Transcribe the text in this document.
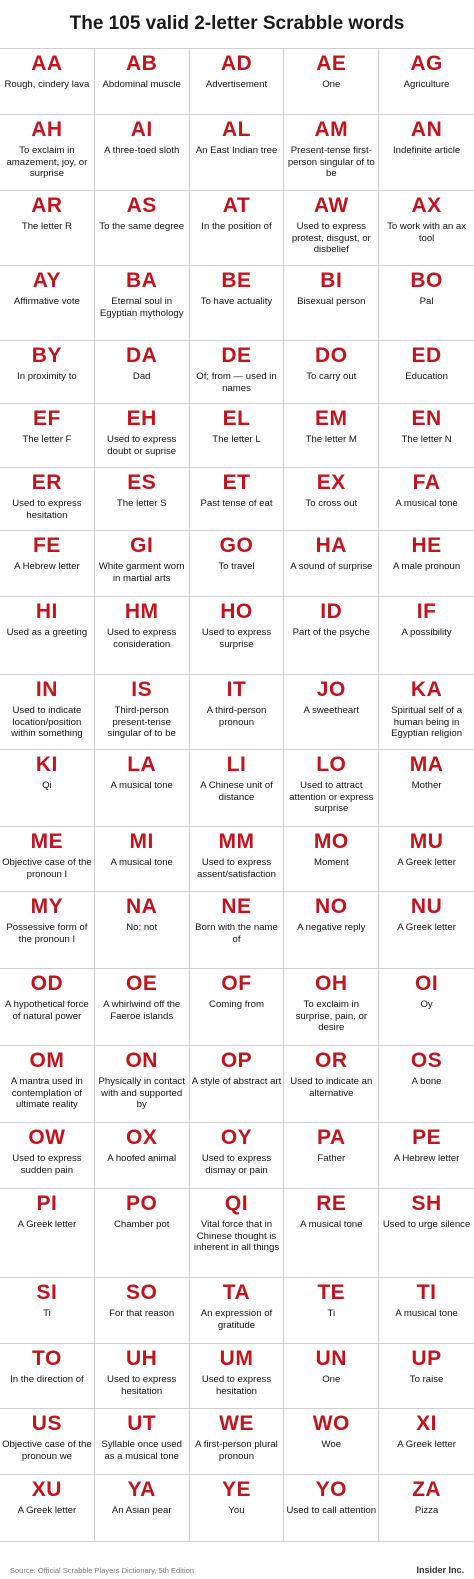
The 105 valid 2-letter Scrabble words
AA
Rough, cindery lava
AB
Abdominal muscle
AD
Advertisement
AE
One
AG
Agriculture
AH
To exclaim in amazement, joy, or surprise
AI
A three-toed sloth
AL
An East Indian tree
AM
Present-tense first-person singular of to be
AN
Indefinite article
AR
The letter R
AS
To the same degree
AT
In the position of
AW
Used to express protest, disgust, or disbelief
AX
To work with an ax tool
AY
Affirmative vote
BA
Eternal soul in Egyptian mythology
BE
To have actuality
BI
Bisexual person
BO
Pal
BY
In proximity to
DA
Dad
DE
Of; from — used in names
DO
To carry out
ED
Education
EF
The letter F
EH
Used to express doubt or suprise
EL
The letter L
EM
The letter M
EN
The letter N
ER
Used to express hesitation
ES
The letter S
ET
Past tense of eat
EX
To cross out
FA
A musical tone
FE
A Hebrew letter
GI
White garment worn in martial arts
GO
To travel
HA
A sound of surprise
HE
A male pronoun
HI
Used as a greeting
HM
Used to express consideration
HO
Used to express surprise
ID
Part of the psyche
IF
A possibility
IN
Used to indicate location/position within something
IS
Third-person present-tense singular of to be
IT
A third-person pronoun
JO
A sweetheart
KA
Spiritual self of a human being in Egyptian religion
KI
Qi
LA
A musical tone
LI
A Chinese unit of distance
LO
Used to attract attention or express surprise
MA
Mother
ME
Objective case of the pronoun I
MI
A musical tone
MM
Used to express assent/satisfaction
MO
Moment
MU
A Greek letter
MY
Possessive form of the pronoun I
NA
No; not
NE
Born with the name of
NO
A negative reply
NU
A Greek letter
OD
A hypothetical force of natural power
OE
A whirlwind off the Faeroe islands
OF
Coming from
OH
To exclaim in surprise, pain, or desire
OI
Oy
OM
A mantra used in contemplation of ultimate reality
ON
Physically in contact with and supported by
OP
A style of abstract art
OR
Used to indicate an alternative
OS
A bone
OW
Used to express sudden pain
OX
A hoofed animal
OY
Used to express dismay or pain
PA
Father
PE
A Hebrew letter
PI
A Greek letter
PO
Chamber pot
QI
Vital force that in Chinese thought is inherent in all things
RE
A musical tone
SH
Used to urge silence
SI
Ti
SO
For that reason
TA
An expression of gratitude
TE
Ti
TI
A musical tone
TO
In the direction of
UH
Used to express hesitation
UM
Used to express hesitation
UN
One
UP
To raise
US
Objective case of the pronoun we
UT
Syllable once used as a musical tone
WE
A first-person plural pronoun
WO
Woe
XI
A Greek letter
XU
A Greek letter
YA
An Asian pear
YE
You
YO
Used to call attention
ZA
Pizza
Source: Official Scrabble Players Dictionary, 5th Edition	Insider Inc.
